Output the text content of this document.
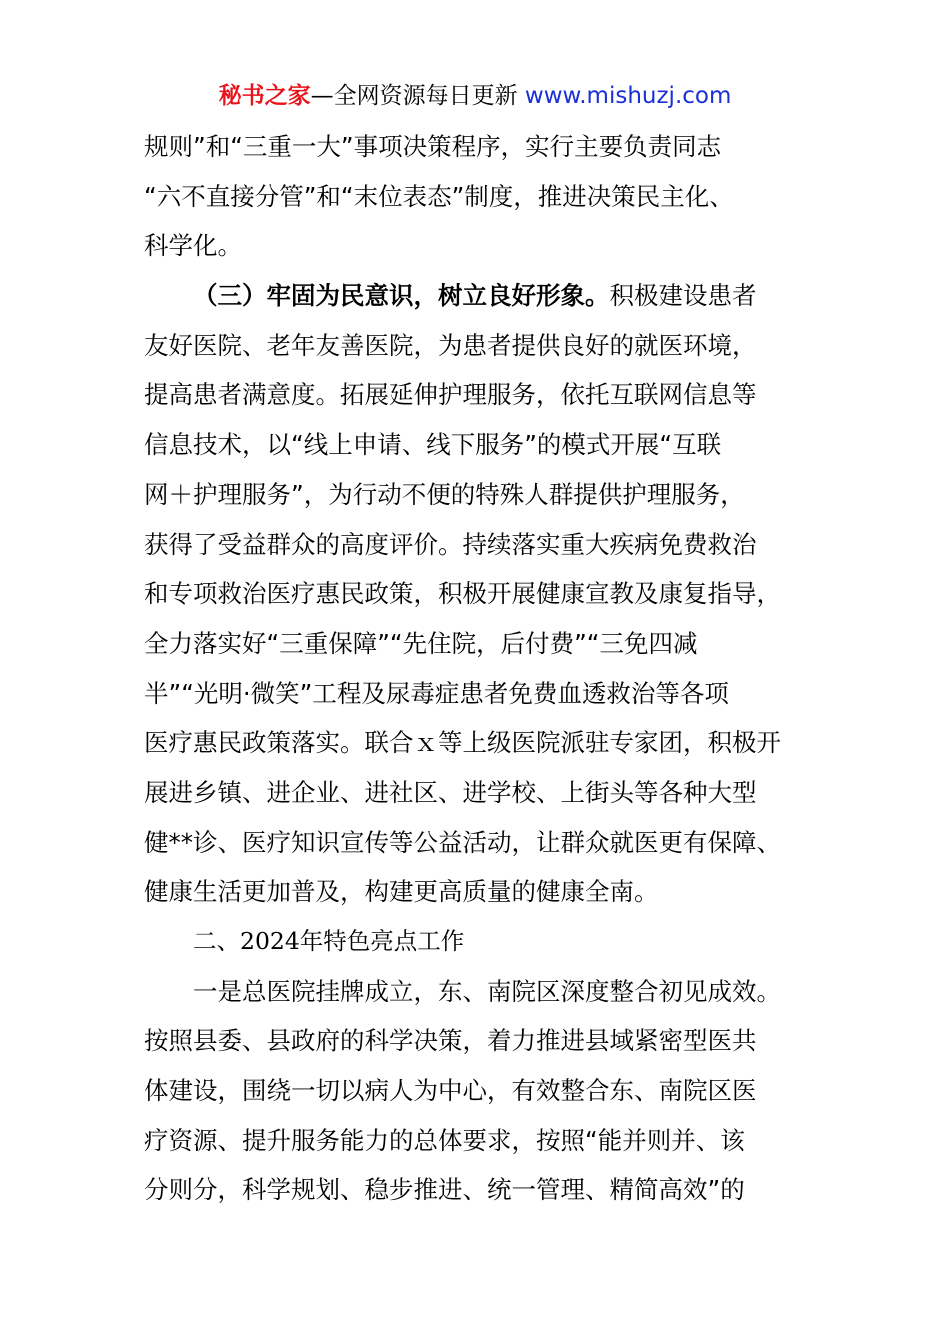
秘书之家—全网资源每日更新 www.mishuzj.com
规则”和“三重一大”事项决策程序，实行主要负责同志
“六不直接分管”和“末位表态”制度，推进决策民主化、
科学化。
（三）牢固为民意识，树立良好形象。积极建设患者
友好医院、老年友善医院，为患者提供良好的就医环境，
提高患者满意度。拓展延伸护理服务，依托互联网信息等
信息技术，以“线上申请、线下服务”的模式开展“互联
网＋护理服务”，为行动不便的特殊人群提供护理服务，
获得了受益群众的高度评价。持续落实重大疾病免费救治
和专项救治医疗惠民政策，积极开展健康宣教及康复指导，
全力落实好“三重保障”“先住院，后付费”“三免四减
半”“光明·微笑”工程及尿毒症患者免费血透救治等各项
医疗惠民政策落实。联合ｘ等上级医院派驻专家团，积极开
展进乡镇、进企业、进社区、进学校、上街头等各种大型
健**诊、医疗知识宣传等公益活动，让群众就医更有保障、
健康生活更加普及，构建更高质量的健康全南。
二、2024年特色亮点工作
一是总医院挂牌成立，东、南院区深度整合初见成效。
按照县委、县政府的科学决策，着力推进县域紧密型医共
体建设，围绕一切以病人为中心，有效整合东、南院区医
疗资源、提升服务能力的总体要求，按照“能并则并、该
分则分，科学规划、稳步推进、统一管理、精简高效”的
